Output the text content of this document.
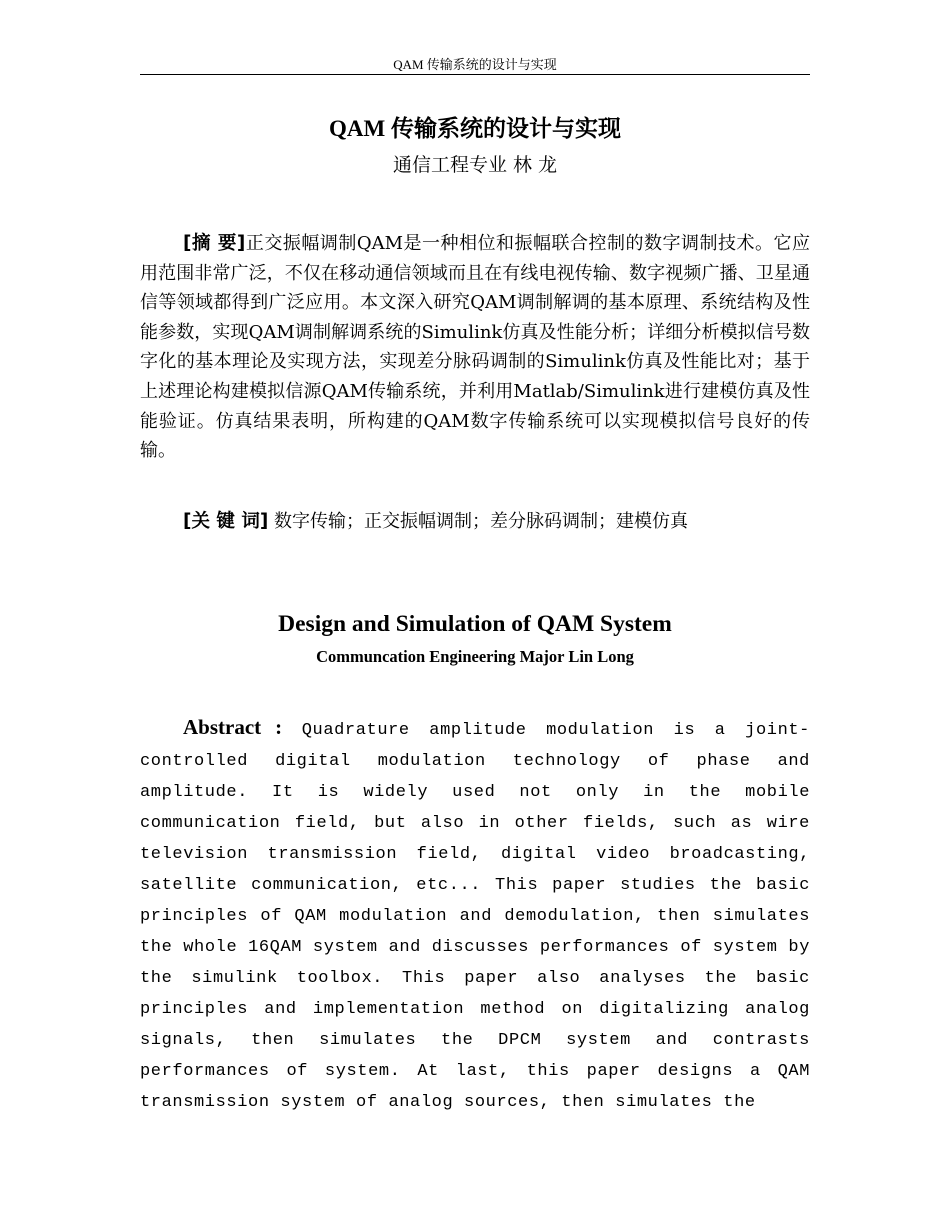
QAM 传输系统的设计与实现
QAM 传输系统的设计与实现
通信工程专业 林 龙

[摘 要]正交振幅调制QAM是一种相位和振幅联合控制的数字调制技术。它应用范围非常广泛，不仅在移动通信领域而且在有线电视传输、数字视频广播、卫星通信等领域都得到广泛应用。本文深入研究QAM调制解调的基本原理、系统结构及性能参数，实现QAM调制解调系统的Simulink仿真及性能分析；详细分析模拟信号数字化的基本理论及实现方法，实现差分脉码调制的Simulink仿真及性能比对；基于上述理论构建模拟信源QAM传输系统，并利用Matlab/Simulink进行建模仿真及性能验证。仿真结果表明，所构建的QAM数字传输系统可以实现模拟信号良好的传输。

[关 键 词] 数字传输；正交振幅调制；差分脉码调制；建模仿真

Design and Simulation of QAM System
Communcation Engineering Major Lin Long

Abstract : Quadrature amplitude modulation is a joint-controlled digital modulation technology of phase and amplitude. It is widely used not only in the mobile communication field, but also in other fields, such as wire television transmission field, digital video broadcasting, satellite communication, etc... This paper studies the basic principles of QAM modulation and demodulation, then simulates the whole 16QAM system and discusses performances of system by the simulink toolbox. This paper also analyses the basic principles and implementation method on digitalizing analog signals, then simulates the DPCM system and contrasts performances of system. At last, this paper designs a QAM transmission system of analog sources, then simulates the
